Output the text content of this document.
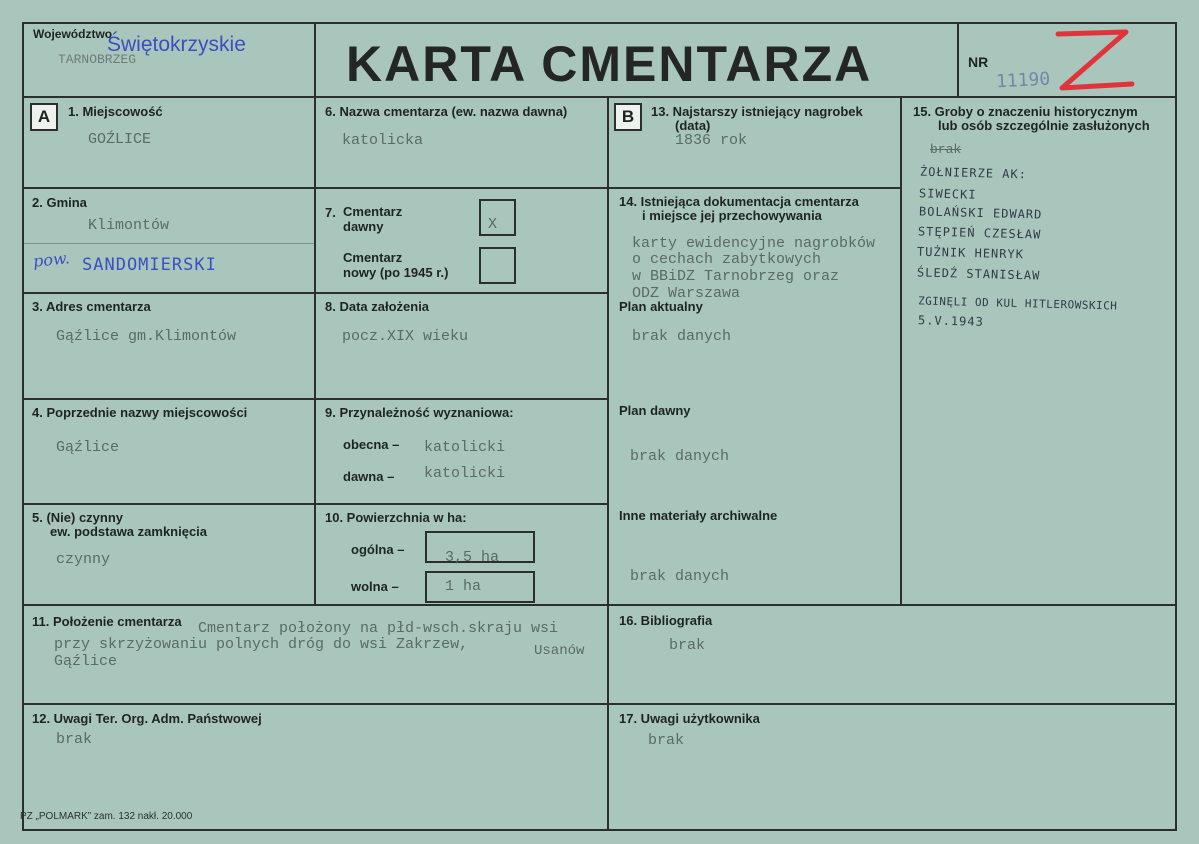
Województwo
TARNOBRZEG
Świętokrzyskie KARTA CMENTARZA	NR
11190
A	1. Miejscowość
GOŹLICE
2. Gmina
Klimontów
pow. SANDOMIERSKI
3. Adres cmentarza
Gąźlice gm.Klimontów
4. Poprzednie nazwy miejscowości
Gąźlice
5. (Nie) czynny
ew. podstawa zamknięcia
czynny
6. Nazwa cmentarza (ew. nazwa dawna)
katolicka
7. Cmentarz
dawny	X
Cmentarz
nowy (po 1945 r.)
8. Data założenia
pocz.XIX wieku
9. Przynależność wyznaniowa:
obecna – katolicki
dawna – katolicki
10. Powierzchnia w ha:
ogólna –	3,5 ha
wolna –	1 ha
B	13. Najstarszy istniejący nagrobek
(data)
1836 rok
14. Istniejąca dokumentacja cmentarza
i miejsce jej przechowywania
karty ewidencyjne nagrobków
o cechach zabytkowych
w BBiDZ Tarnobrzeg oraz
ODZ Warszawa
Plan aktualny
brak danych
Plan dawny
brak danych
Inne materiały archiwalne
brak danych
15. Groby o znaczeniu historycznym
lub osób szczególnie zasłużonych
brak
ŻOŁNIERZE AK:
SIWECKI
BOLAŃSKI EDWARD
STĘPIEŃ CZESŁAW
TUŻNIK HENRYK
ŚLEDŹ STANISŁAW
ZGINĘLI OD KUL HITLEROWSKICH
5.V.1943
11. Położenie cmentarza Cmentarz położony na płd-wsch.skraju wsi
przy skrzyżowaniu polnych dróg do wsi Zakrzew,	Usanów
Gąźlice
16. Bibliografia
brak
12. Uwagi Ter. Org. Adm. Państwowej
brak
17. Uwagi użytkownika
brak
PZ „POLMARK” zam. 132 nakł. 20.000
